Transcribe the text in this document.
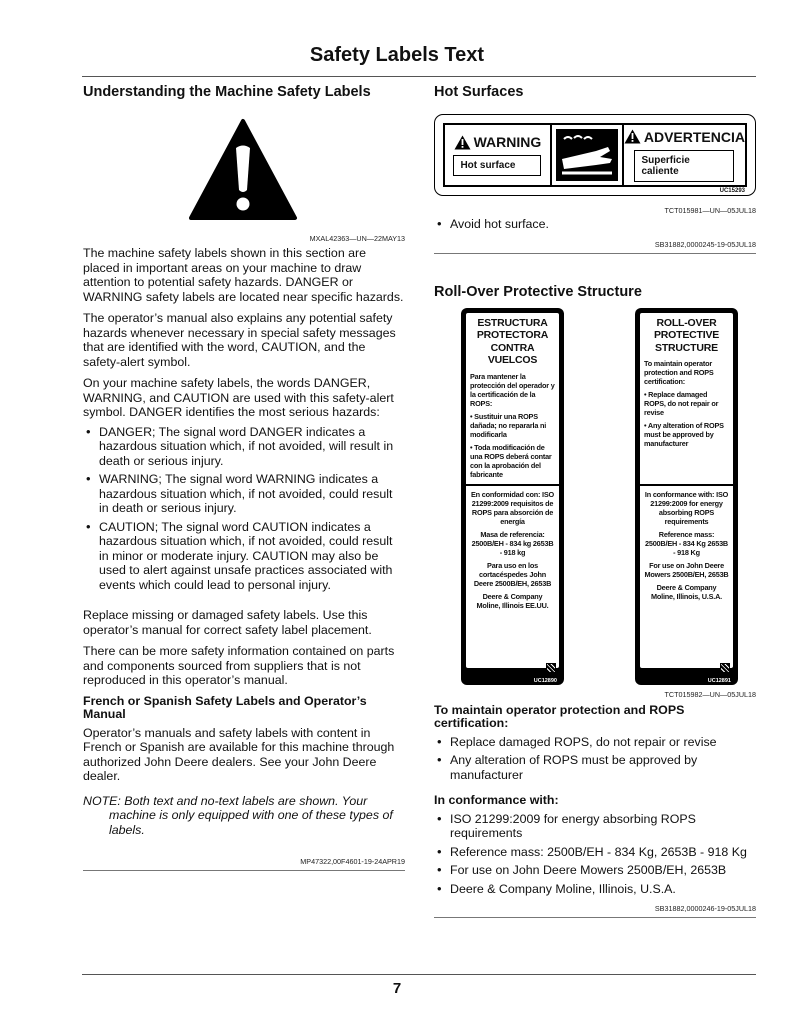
Safety Labels Text
Understanding the Machine Safety Labels
MXAL42363—UN—22MAY13

The machine safety labels shown in this section are placed in important areas on your machine to draw attention to potential safety hazards. DANGER or WARNING safety labels are located near specific hazards.

The operator’s manual also explains any potential safety hazards whenever necessary in special safety messages that are identified with the word, CAUTION, and the safety-alert symbol.

On your machine safety labels, the words DANGER, WARNING, and CAUTION are used with this safety-alert symbol. DANGER identifies the most serious hazards:

• DANGER; The signal word DANGER indicates a hazardous situation which, if not avoided, will result in death or serious injury.
• WARNING; The signal word WARNING indicates a hazardous situation which, if not avoided, could result in death or serious injury.
• CAUTION; The signal word CAUTION indicates a hazardous situation which, if not avoided, could result in minor or moderate injury. CAUTION may also be used to alert against unsafe practices associated with events which could lead to personal injury.

Replace missing or damaged safety labels. Use this operator’s manual for correct safety label placement.

There can be more safety information contained on parts and components sourced from suppliers that is not reproduced in this operator’s manual.

French or Spanish Safety Labels and Operator’s Manual

Operator’s manuals and safety labels with content in French or Spanish are available for this machine through authorized John Deere dealers. See your John Deere dealer.

NOTE: Both text and no-text labels are shown. Your
machine is only equipped with one of these types of labels.

MP47322,00F4601-19-24APR19
Hot Surfaces
WARNING
Hot surface
ADVERTENCIA
Superficie caliente
UC15293
TCT015981—UN—05JUL18
• Avoid hot surface.
SB31882,0000245-19-05JUL18
Roll-Over Protective Structure
ESTRUCTURA PROTECTORA CONTRA VUELCOS
Para mantener la protección del operador y la certificación de la ROPS:
• Sustituir una ROPS dañada; no repararla ni modificarla
• Toda modificación de una ROPS deberá contar con la aprobación del fabricante
En conformidad con: ISO 21299:2009 requisitos de ROPS para absorción de energía
Masa de referencia: 2500B/EH - 834 kg 2653B - 918 kg
Para uso en los cortacéspedes John Deere 2500B/EH, 2653B
Deere & Company Moline, Illinois EE.UU.
UC12890
ROLL-OVER PROTECTIVE STRUCTURE
To maintain operator protection and ROPS certification:
• Replace damaged ROPS, do not repair or revise
• Any alteration of ROPS must be approved by manufacturer
In conformance with: ISO 21299:2009 for energy absorbing ROPS requirements
Reference mass: 2500B/EH - 834 Kg 2653B - 918 Kg
For use on John Deere Mowers 2500B/EH, 2653B
Deere & Company Moline, Illinois, U.S.A.
UC12891
TCT015982—UN—05JUL18
To maintain operator protection and ROPS certification:
• Replace damaged ROPS, do not repair or revise
• Any alteration of ROPS must be approved by manufacturer
In conformance with:
• ISO 21299:2009 for energy absorbing ROPS requirements
• Reference mass: 2500B/EH - 834 Kg, 2653B - 918 Kg
• For use on John Deere Mowers 2500B/EH, 2653B
• Deere & Company Moline, Illinois, U.S.A.
SB31882,0000246-19-05JUL18
7
